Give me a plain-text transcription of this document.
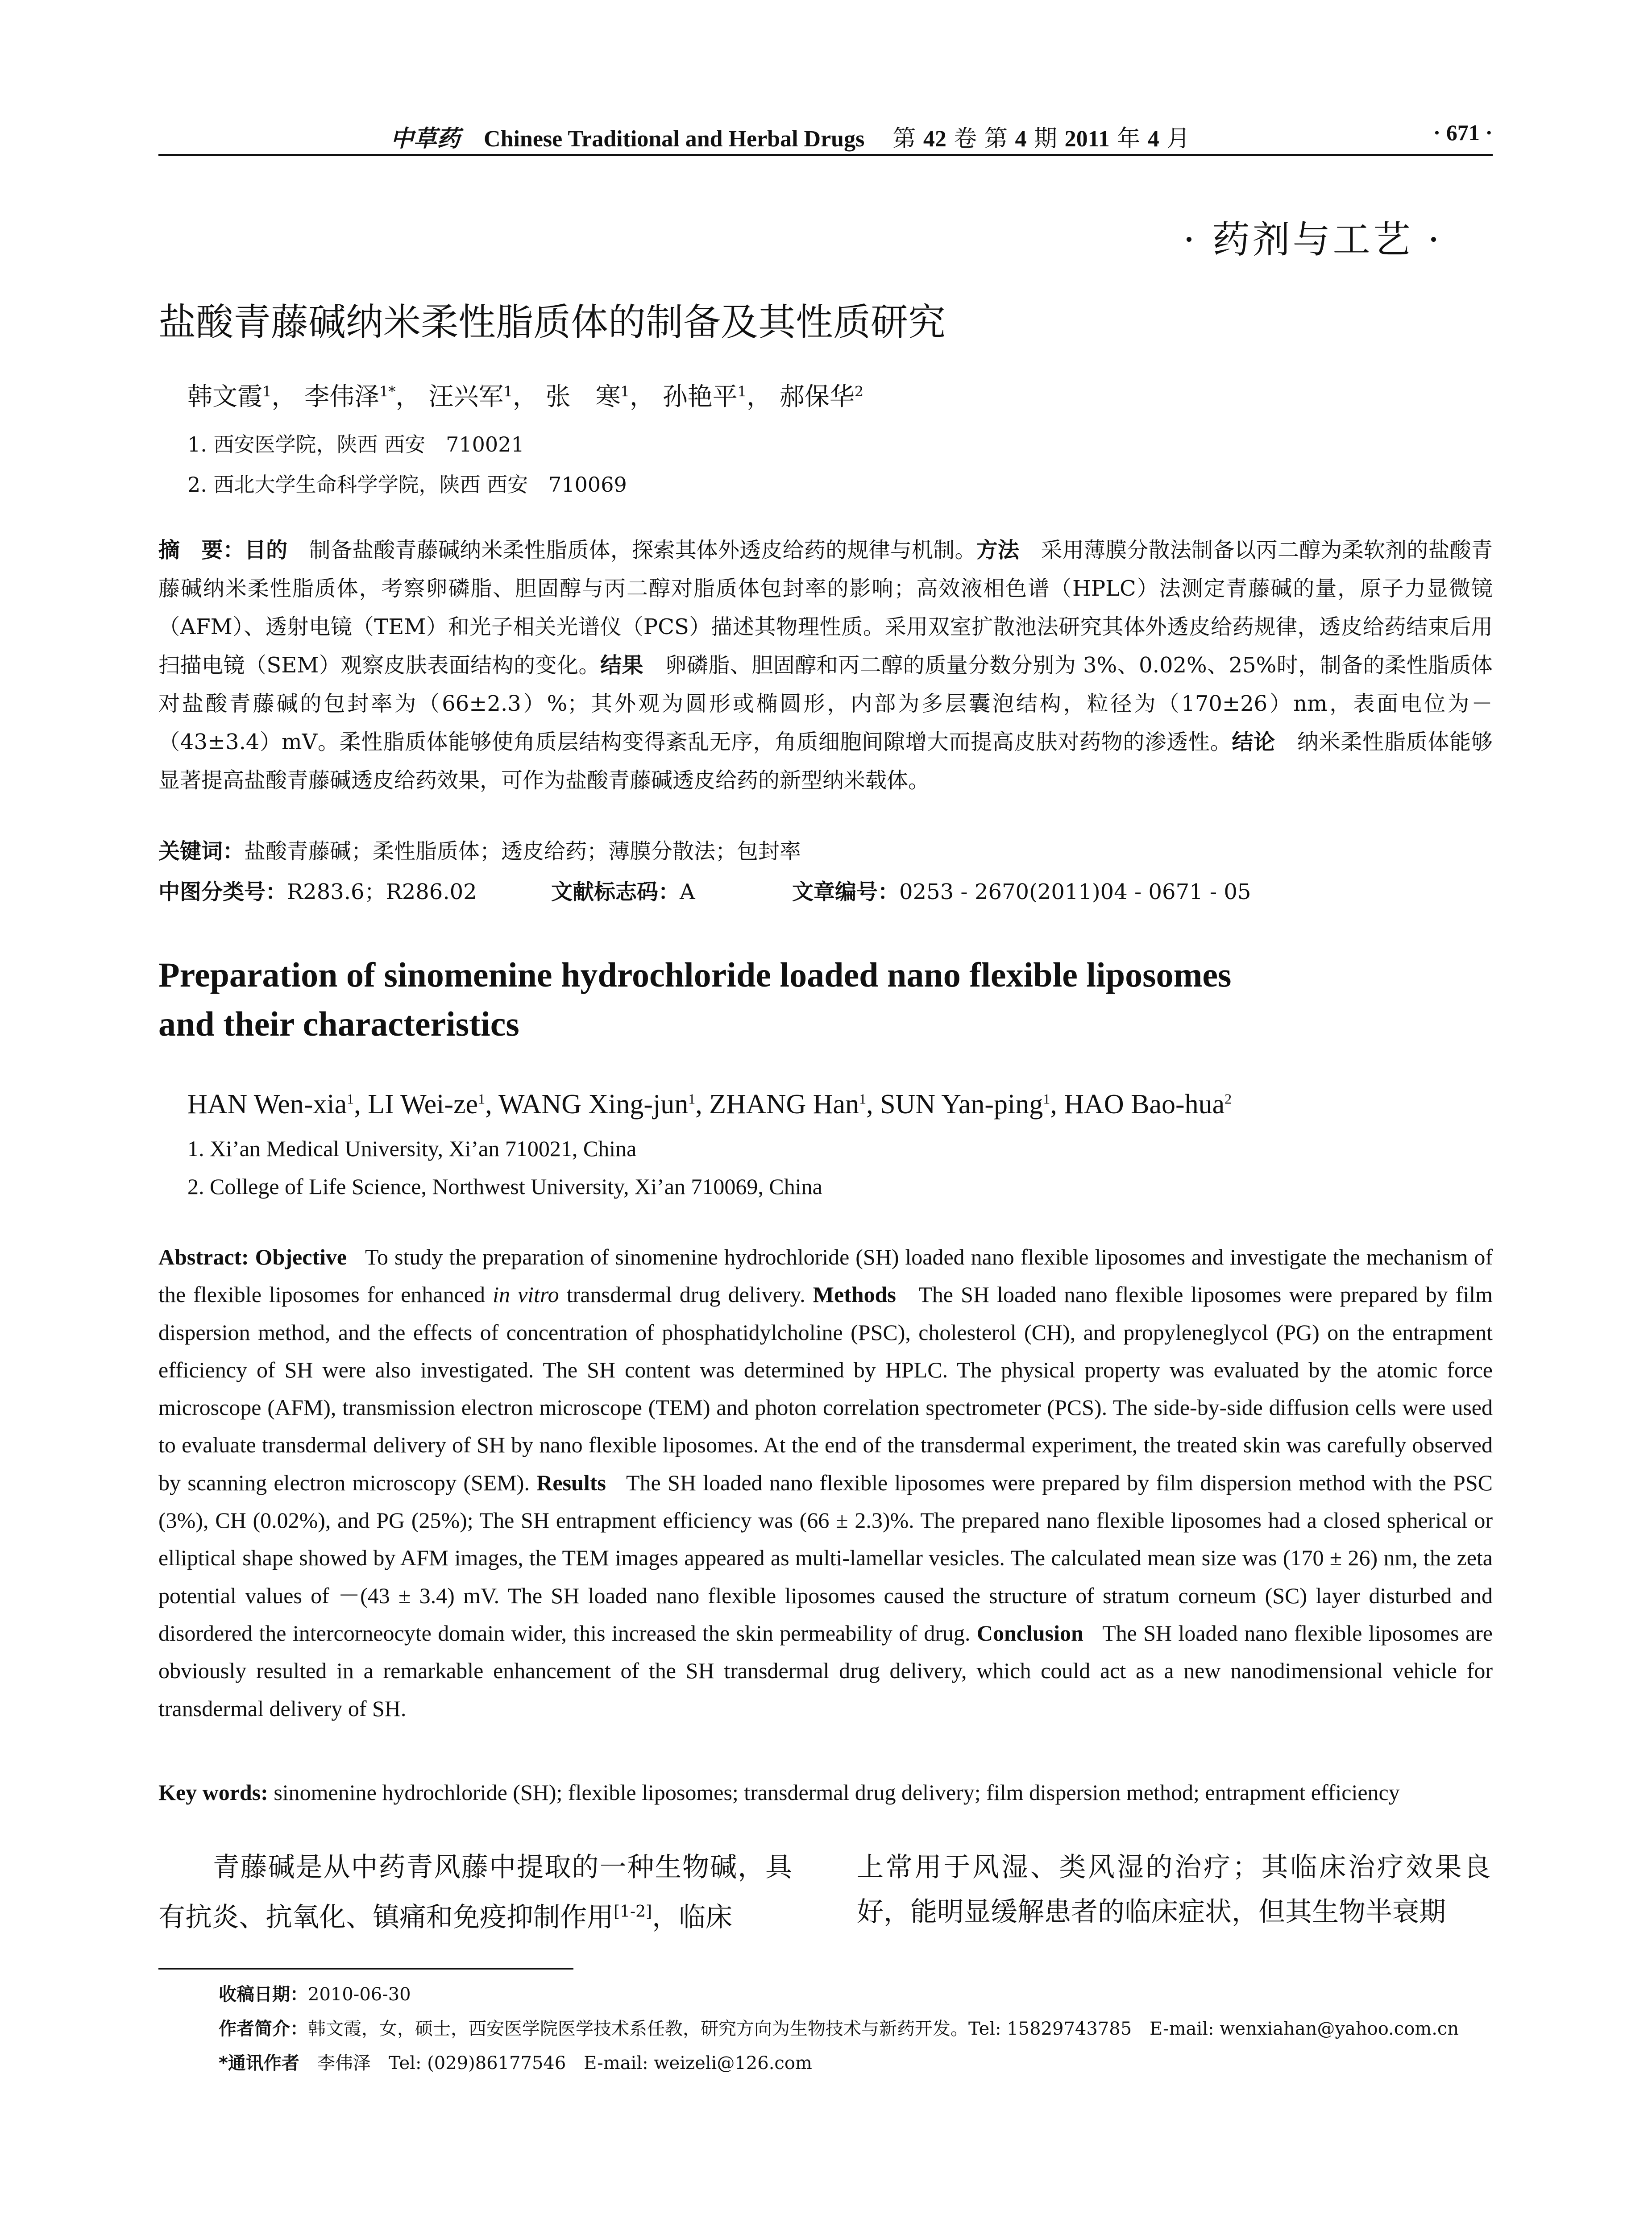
中草药 Chinese Traditional and Herbal Drugs 第 42 卷 第 4 期 2011 年 4 月	· 671 ·
· 药剂与工艺 ·
盐酸青藤碱纳米柔性脂质体的制备及其性质研究
韩文霞$^1$， 李伟泽$^{1*}$， 汪兴军$^1$， 张　寒$^1$， 孙艳平$^1$， 郝保华$^2$
1. 西安医学院，陕西 西安　710021
2. 西北大学生命科学学院，陕西 西安　710069
摘　要：目的　 制备盐酸青藤碱纳米柔性脂质体，探索其体外透皮给药的规律与机制。方法　 采用薄膜分散法制备以丙二醇为柔软剂的盐酸青藤碱纳米柔性脂质体，考察卵磷脂、胆固醇与丙二醇对脂质体包封率的影响；高效液相色谱（HPLC）法测定青藤碱的量，原子力显微镜（AFM）、透射电镜（TEM）和光子相关光谱仪（PCS）描述其物理性质。采用双室扩散池法研究其体外透皮给药规律，透皮给药结束后用扫描电镜（SEM）观察皮肤表面结构的变化。结果　 卵磷脂、胆固醇和丙二醇的质量分数分别为 3%、0.02%、25%时，制备的柔性脂质体对盐酸青藤碱的包封率为（66±2.3）%；其外观为圆形或椭圆形，内部为多层囊泡结构，粒径为（170±26）nm，表面电位为－（43±3.4）mV。柔性脂质体能够使角质层结构变得紊乱无序，角质细胞间隙增大而提高皮肤对药物的渗透性。结论　 纳米柔性脂质体能够显著提高盐酸青藤碱透皮给药效果，可作为盐酸青藤碱透皮给药的新型纳米载体。
关键词：盐酸青藤碱；柔性脂质体；透皮给药；薄膜分散法；包封率
中图分类号：R283.6；R286.02	文献标志码：A	文章编号：0253 - 2670(2011)04 - 0671 - 05
Preparation of sinomenine hydrochloride loaded nano flexible liposomes
and their characteristics
HAN Wen-xia$^1$, LI Wei-$ze^1$, WANG Xing-jun$^1$, ZHANG Han$^1$, SUN Yan-ping$^1$, HAO Bao-hua$^2$
1. Xi’an Medical University, Xi’an 710021, China
2. College of Life Science, Northwest University, Xi’an 710069, China
Abstract: Objective To study the preparation of sinomenine hydrochloride (SH) loaded nano flexible liposomes and investigate the mechanism of the flexible liposomes for enhanced in vitro transdermal drug delivery. Methods The SH loaded nano flexible liposomes were prepared by film dispersion method, and the effects of concentration of phosphatidylcholine (PSC), cholesterol (CH), and propyleneglycol (PG) on the entrapment efficiency of SH were also investigated. The SH content was determined by HPLC. The physical property was evaluated by the atomic force microscope (AFM), transmission electron microscope (TEM) and photon correlation spectrometer (PCS). The side-by-side diffusion cells were used to evaluate transdermal delivery of SH by nano flexible liposomes. At the end of the transdermal experiment, the treated skin was carefully observed by scanning electron microscopy (SEM). Results The SH loaded nano flexible liposomes were prepared by film dispersion method with the PSC (3%), CH (0.02%), and PG (25%); The SH entrapment efficiency was (66 ± 2.3)%. The prepared nano flexible liposomes had a closed spherical or elliptical shape showed by AFM images, the TEM images appeared as multi-lamellar vesicles. The calculated mean size was (170 ± 26) nm, the zeta potential values of －(43 ± 3.4) mV. The SH loaded nano flexible liposomes caused the structure of stratum corneum (SC) layer disturbed and disordered the intercorneocyte domain wider, this increased the skin permeability of drug. Conclusion The SH loaded nano flexible liposomes are obviously resulted in a remarkable enhancement of the SH transdermal drug delivery, which could act as a new nanodimensional vehicle for transdermal delivery of SH.
Key words: sinomenine hydrochloride (SH); flexible liposomes; transdermal drug delivery; film dispersion method; entrapment efficiency
青藤碱是从中药青风藤中提取的一种生物碱，具有抗炎、抗氧化、镇痛和免疫抑制作用[1-2]，临床
上常用于风湿、类风湿的治疗；其临床治疗效果良好，能明显缓解患者的临床症状，但其生物半衰期
收稿日期：2010-06-30
作者简介：韩文霞，女，硕士，西安医学院医学技术系任教，研究方向为生物技术与新药开发。Tel: 15829743785　E-mail: wenxiahan@yahoo.com.cn
*通讯作者　 李伟泽　Tel: (029)86177546　E-mail: weizeli@126.com
